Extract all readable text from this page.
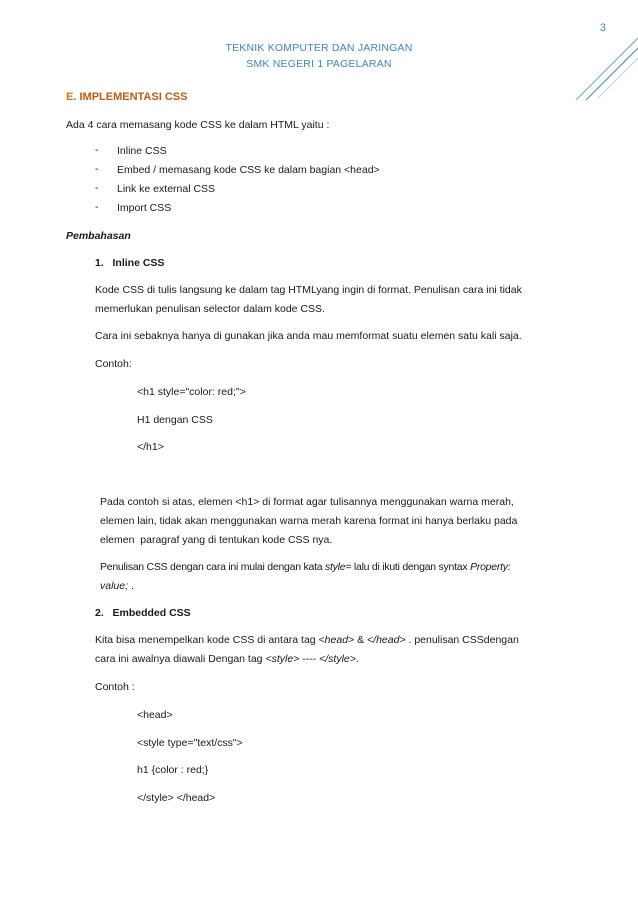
3
TEKNIK KOMPUTER DAN JARINGAN
SMK NEGERI 1 PAGELARAN
E. IMPLEMENTASI CSS
Ada 4 cara memasang kode CSS ke dalam HTML yaitu :
- Inline CSS
- Embed / memasang kode CSS ke dalam bagian <head>
- Link ke external CSS
- Import CSS
Pembahasan
1.   Inline CSS
Kode CSS di tulis langsung ke dalam tag HTMLyang ingin di format. Penulisan cara ini tidak
memerlukan penulisan selector dalam kode CSS.
Cara ini sebaknya hanya di gunakan jika anda mau memformat suatu elemen satu kali saja.
Contoh:
<h1 style="color: red;">
H1 dengan CSS
</h1>
Pada contoh si atas, elemen <h1> di format agar tulisannya menggunakan warna merah,
elemen lain, tidak akan menggunakan warna merah karena format ini hanya berlaku pada
elemen  paragraf yang di tentukan kode CSS nya.
Penulisan CSS dengan cara ini mulai dengan kata style= lalu di ikuti dengan syntax Property:
value; .
2.   Embedded CSS
Kita bisa menempelkan kode CSS di antara tag <head> & </head> . penulisan CSSdengan
cara ini awalnya diawali Dengan tag <style> ---- </style>.
Contoh :
<head>
<style type="text/css">
h1 {color : red;}
</style> </head>
